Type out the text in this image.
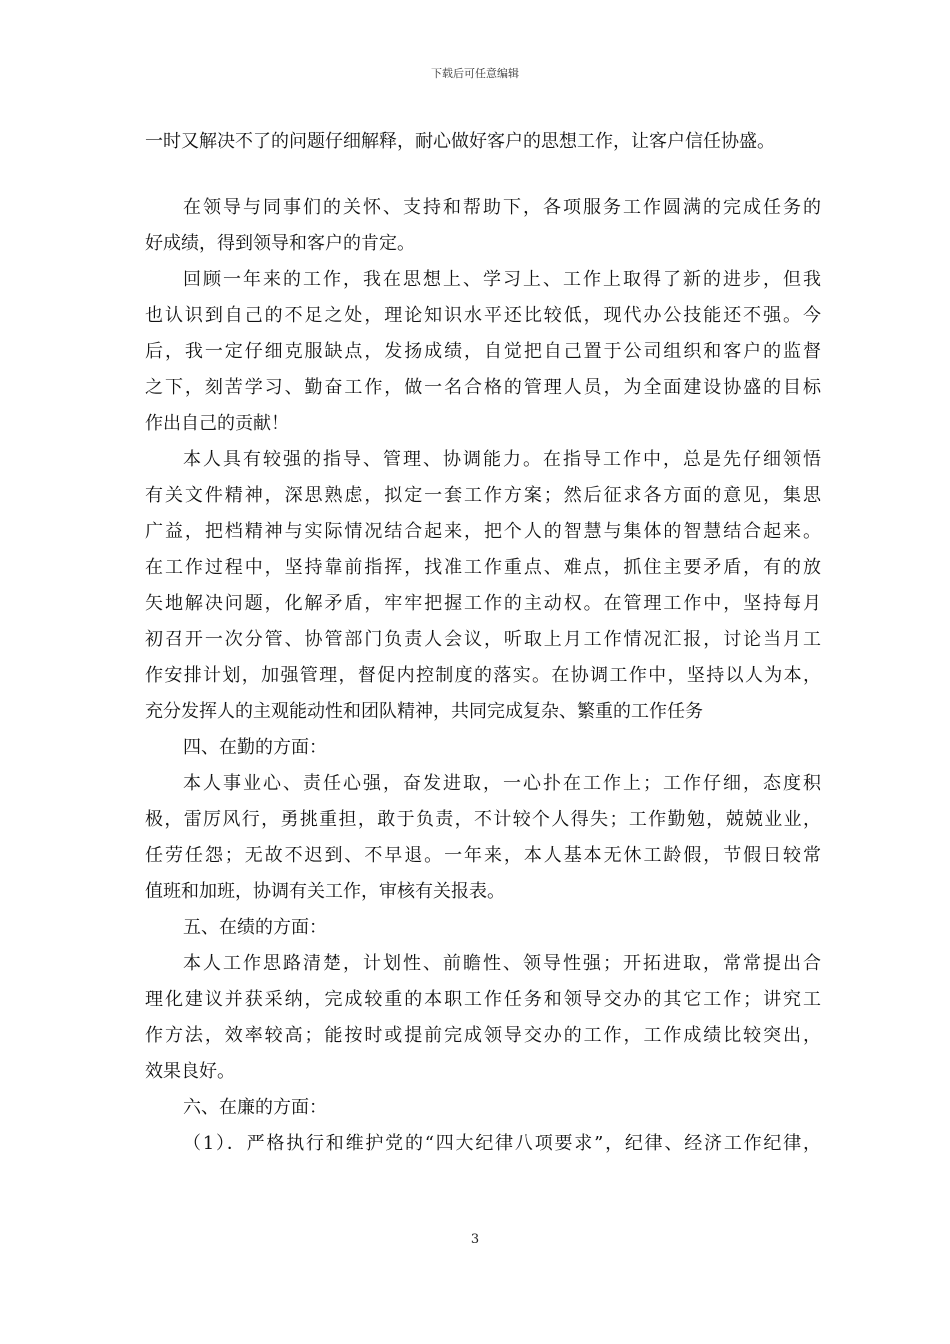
下载后可任意编辑
一时又解决不了的问题仔细解释，耐心做好客户的思想工作，让客户信任协盛。
在领导与同事们的关怀、支持和帮助下，各项服务工作圆满的完成任务的
好成绩，得到领导和客户的肯定。
回顾一年来的工作，我在思想上、学习上、工作上取得了新的进步，但我
也认识到自己的不足之处，理论知识水平还比较低，现代办公技能还不强。今
后，我一定仔细克服缺点，发扬成绩，自觉把自己置于公司组织和客户的监督
之下，刻苦学习、勤奋工作，做一名合格的管理人员，为全面建设协盛的目标
作出自己的贡献！
本人具有较强的指导、管理、协调能力。在指导工作中，总是先仔细领悟
有关文件精神，深思熟虑，拟定一套工作方案；然后征求各方面的意见，集思
广益，把档精神与实际情况结合起来，把个人的智慧与集体的智慧结合起来。
在工作过程中，坚持靠前指挥，找准工作重点、难点，抓住主要矛盾，有的放
矢地解决问题，化解矛盾，牢牢把握工作的主动权。在管理工作中，坚持每月
初召开一次分管、协管部门负责人会议，听取上月工作情况汇报，讨论当月工
作安排计划，加强管理，督促内控制度的落实。在协调工作中，坚持以人为本，
充分发挥人的主观能动性和团队精神，共同完成复杂、繁重的工作任务
四、在勤的方面：
本人事业心、责任心强，奋发进取，一心扑在工作上；工作仔细，态度积
极，雷厉风行，勇挑重担，敢于负责，不计较个人得失；工作勤勉，兢兢业业，
任劳任怨；无故不迟到、不早退。一年来，本人基本无休工龄假，节假日较常
值班和加班，协调有关工作，审核有关报表。
五、在绩的方面：
本人工作思路清楚，计划性、前瞻性、领导性强；开拓进取，常常提出合
理化建议并获采纳，完成较重的本职工作任务和领导交办的其它工作；讲究工
作方法，效率较高；能按时或提前完成领导交办的工作，工作成绩比较突出，
效果良好。
六、在廉的方面：
（1）．严格执行和维护党的“四大纪律八项要求”，纪律、经济工作纪律，
3
